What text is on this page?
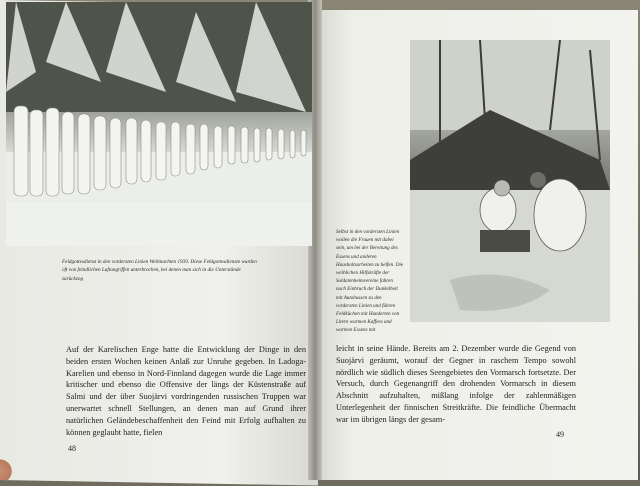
Feldgottesdienst in den vordersten Linien Weihnachten 1939. Diese Feldgottesdienste wurden oft von feindlichen Luftangriffen unterbrochen, bei denen man sich in die Unterstände zurückzog

Selbst in den vordersten Linien wollen die Frauen mit dabei sein, um bei der Bereitung des Essens und anderen Haushaltsarbeiten zu helfen. Die weiblichen Hilfskräfte der Soldatenheimvereine fahren nach Einbruch der Dunkelheit mit Autobussen zu den vordersten Linien und führen Feldküchen mit Hunderten von Litern warmen Kaffees und warmen Essens mit

Auf der Karelischen Enge hatte die Entwicklung der Dinge in den beiden ersten Wochen keinen Anlaß zur Unruhe gegeben. In Ladoga-Karelien und ebenso in Nord-Finnland dagegen wurde die Lage immer kritischer und ebenso die Offensive der längs der Küstenstraße auf Salmi und der über Suojärvi vordringenden russischen Truppen war unerwartet schnell Stellungen, an denen man auf Grund ihrer natürlichen Geländebeschaffenheit den Feind mit Erfolg aufhalten zu können geglaubt hatte, fielen

leicht in seine Hände. Bereits am 2. Dezember wurde die Gegend von Suojärvi geräumt, worauf der Gegner in raschem Tempo sowohl nördlich wie südlich dieses Seengebietes den Vormarsch fortsetzte. Der Versuch, durch Gegenangriff den drohenden Vormarsch in diesem Abschnitt aufzuhalten, mißlang infolge der zahlenmäßigen Unterlegenheit der finnischen Streitkräfte. Die feindliche Übermacht war im übrigen längs der gesam-

48
49
